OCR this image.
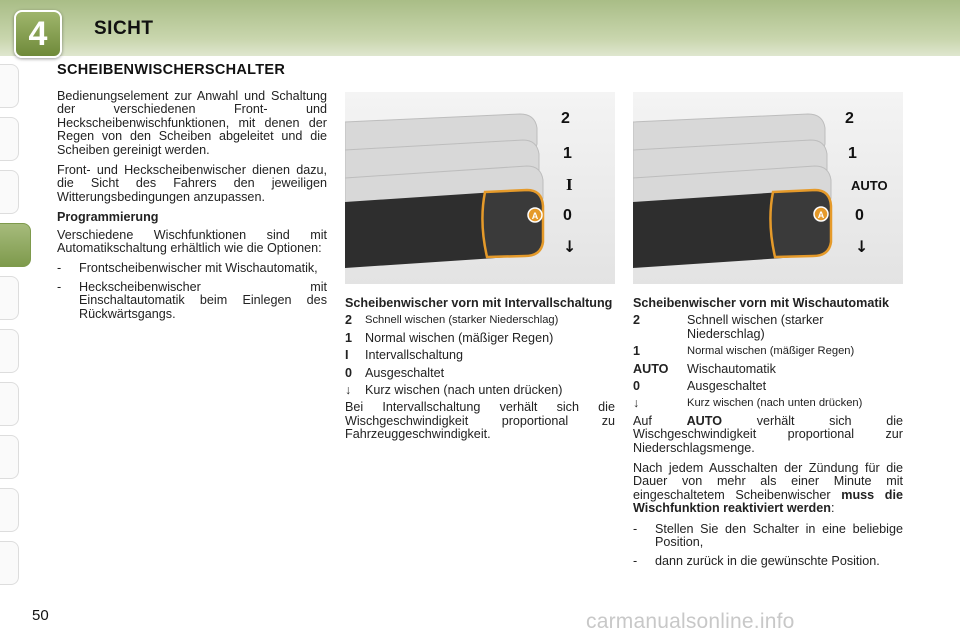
4	SICHT
SCHEIBENWISCHERSCHALTER

Bedienungselement zur Anwahl und Schaltung der verschiedenen Front- und Heckscheibenwischfunktionen, mit denen der Regen von den Scheiben abgeleitet und die Scheiben gereinigt werden.

Front- und Heckscheibenwischer dienen dazu, die Sicht des Fahrers den jeweiligen Witterungsbedingungen anzupassen.

Programmierung

Verschiedene Wischfunktionen sind mit Automatikschaltung erhältlich wie die Optionen:

-	Frontscheibenwischer mit Wischautomatik,
-	Heckscheibenwischer mit Einschaltautomatik beim Einlegen des Rückwärtsgangs.
A
2
1
I
0
↓
A
2
1
AUTO
0
↓
Scheibenwischer vorn mit Intervallschaltung
2	Schnell wischen (starker Niederschlag)
1	Normal wischen (mäßiger Regen)
I	Intervallschaltung
0	Ausgeschaltet
↓	Kurz wischen (nach unten drücken)

Bei Intervallschaltung verhält sich die Wischgeschwindigkeit proportional zu Fahrzeuggeschwindigkeit.

Scheibenwischer vorn mit Wischautomatik
2	Schnell wischen (starker Niederschlag)
1	Normal wischen (mäßiger Regen)
AUTO	Wischautomatik
0	Ausgeschaltet
↓	Kurz wischen (nach unten drücken)

Auf	AUTO	verhält sich die Wischgeschwindigkeit proportional zur Niederschlagsmenge.

Nach jedem Ausschalten der Zündung für die Dauer von mehr als einer Minute mit eingeschaltetem Scheibenwischer muss die Wischfunktion reaktiviert werden:

-	Stellen Sie den Schalter in eine beliebige Position,
-	dann zurück in die gewünschte Position.
50	carmanualsonline.info
